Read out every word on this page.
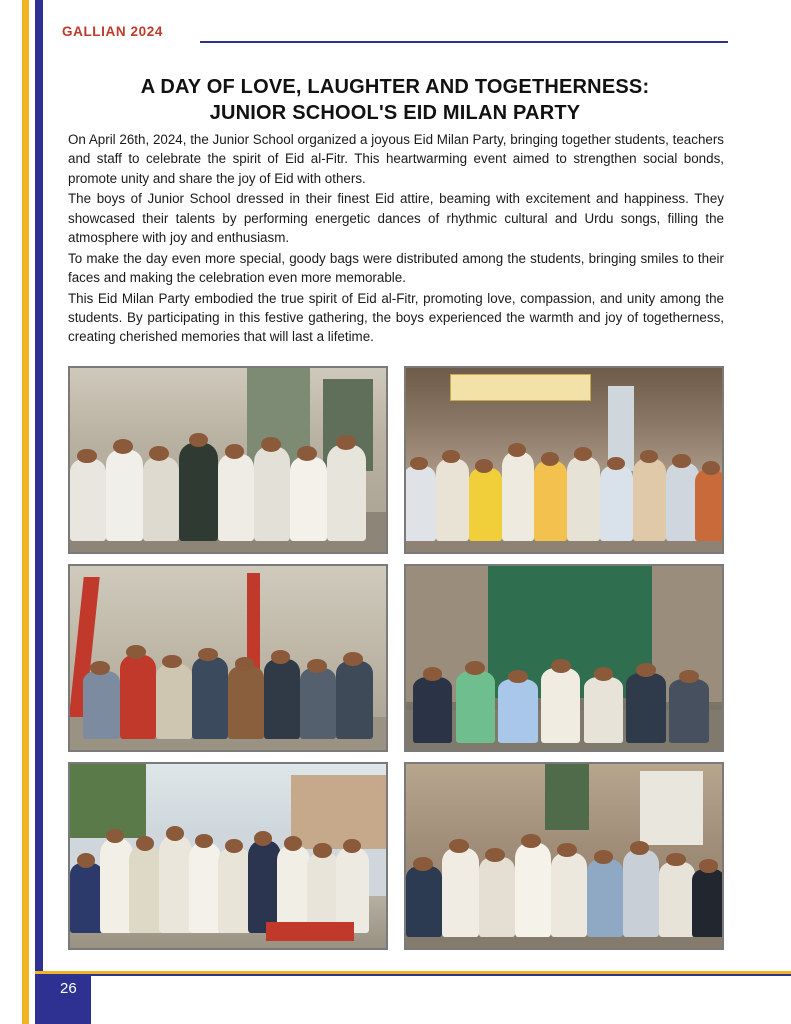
GALLIAN 2024
A DAY OF LOVE, LAUGHTER AND TOGETHERNESS:
JUNIOR SCHOOL'S EID MILAN PARTY

On April 26th, 2024, the Junior School organized a joyous Eid Milan Party, bringing together students, teachers and staff to celebrate the spirit of Eid al-Fitr. This heartwarming event aimed to strengthen social bonds, promote unity and share the joy of Eid with others.

The boys of Junior School dressed in their finest Eid attire, beaming with excitement and happiness. They showcased their talents by performing energetic dances of rhythmic cultural and Urdu songs, filling the atmosphere with joy and enthusiasm.

To make the day even more special, goody bags were distributed among the students, bringing smiles to their faces and making the celebration even more memorable.

This Eid Milan Party embodied the true spirit of Eid al-Fitr, promoting love, compassion, and unity among the students. By participating in this festive gathering, the boys experienced the warmth and joy of togetherness, creating cherished memories that will last a lifetime.

26
